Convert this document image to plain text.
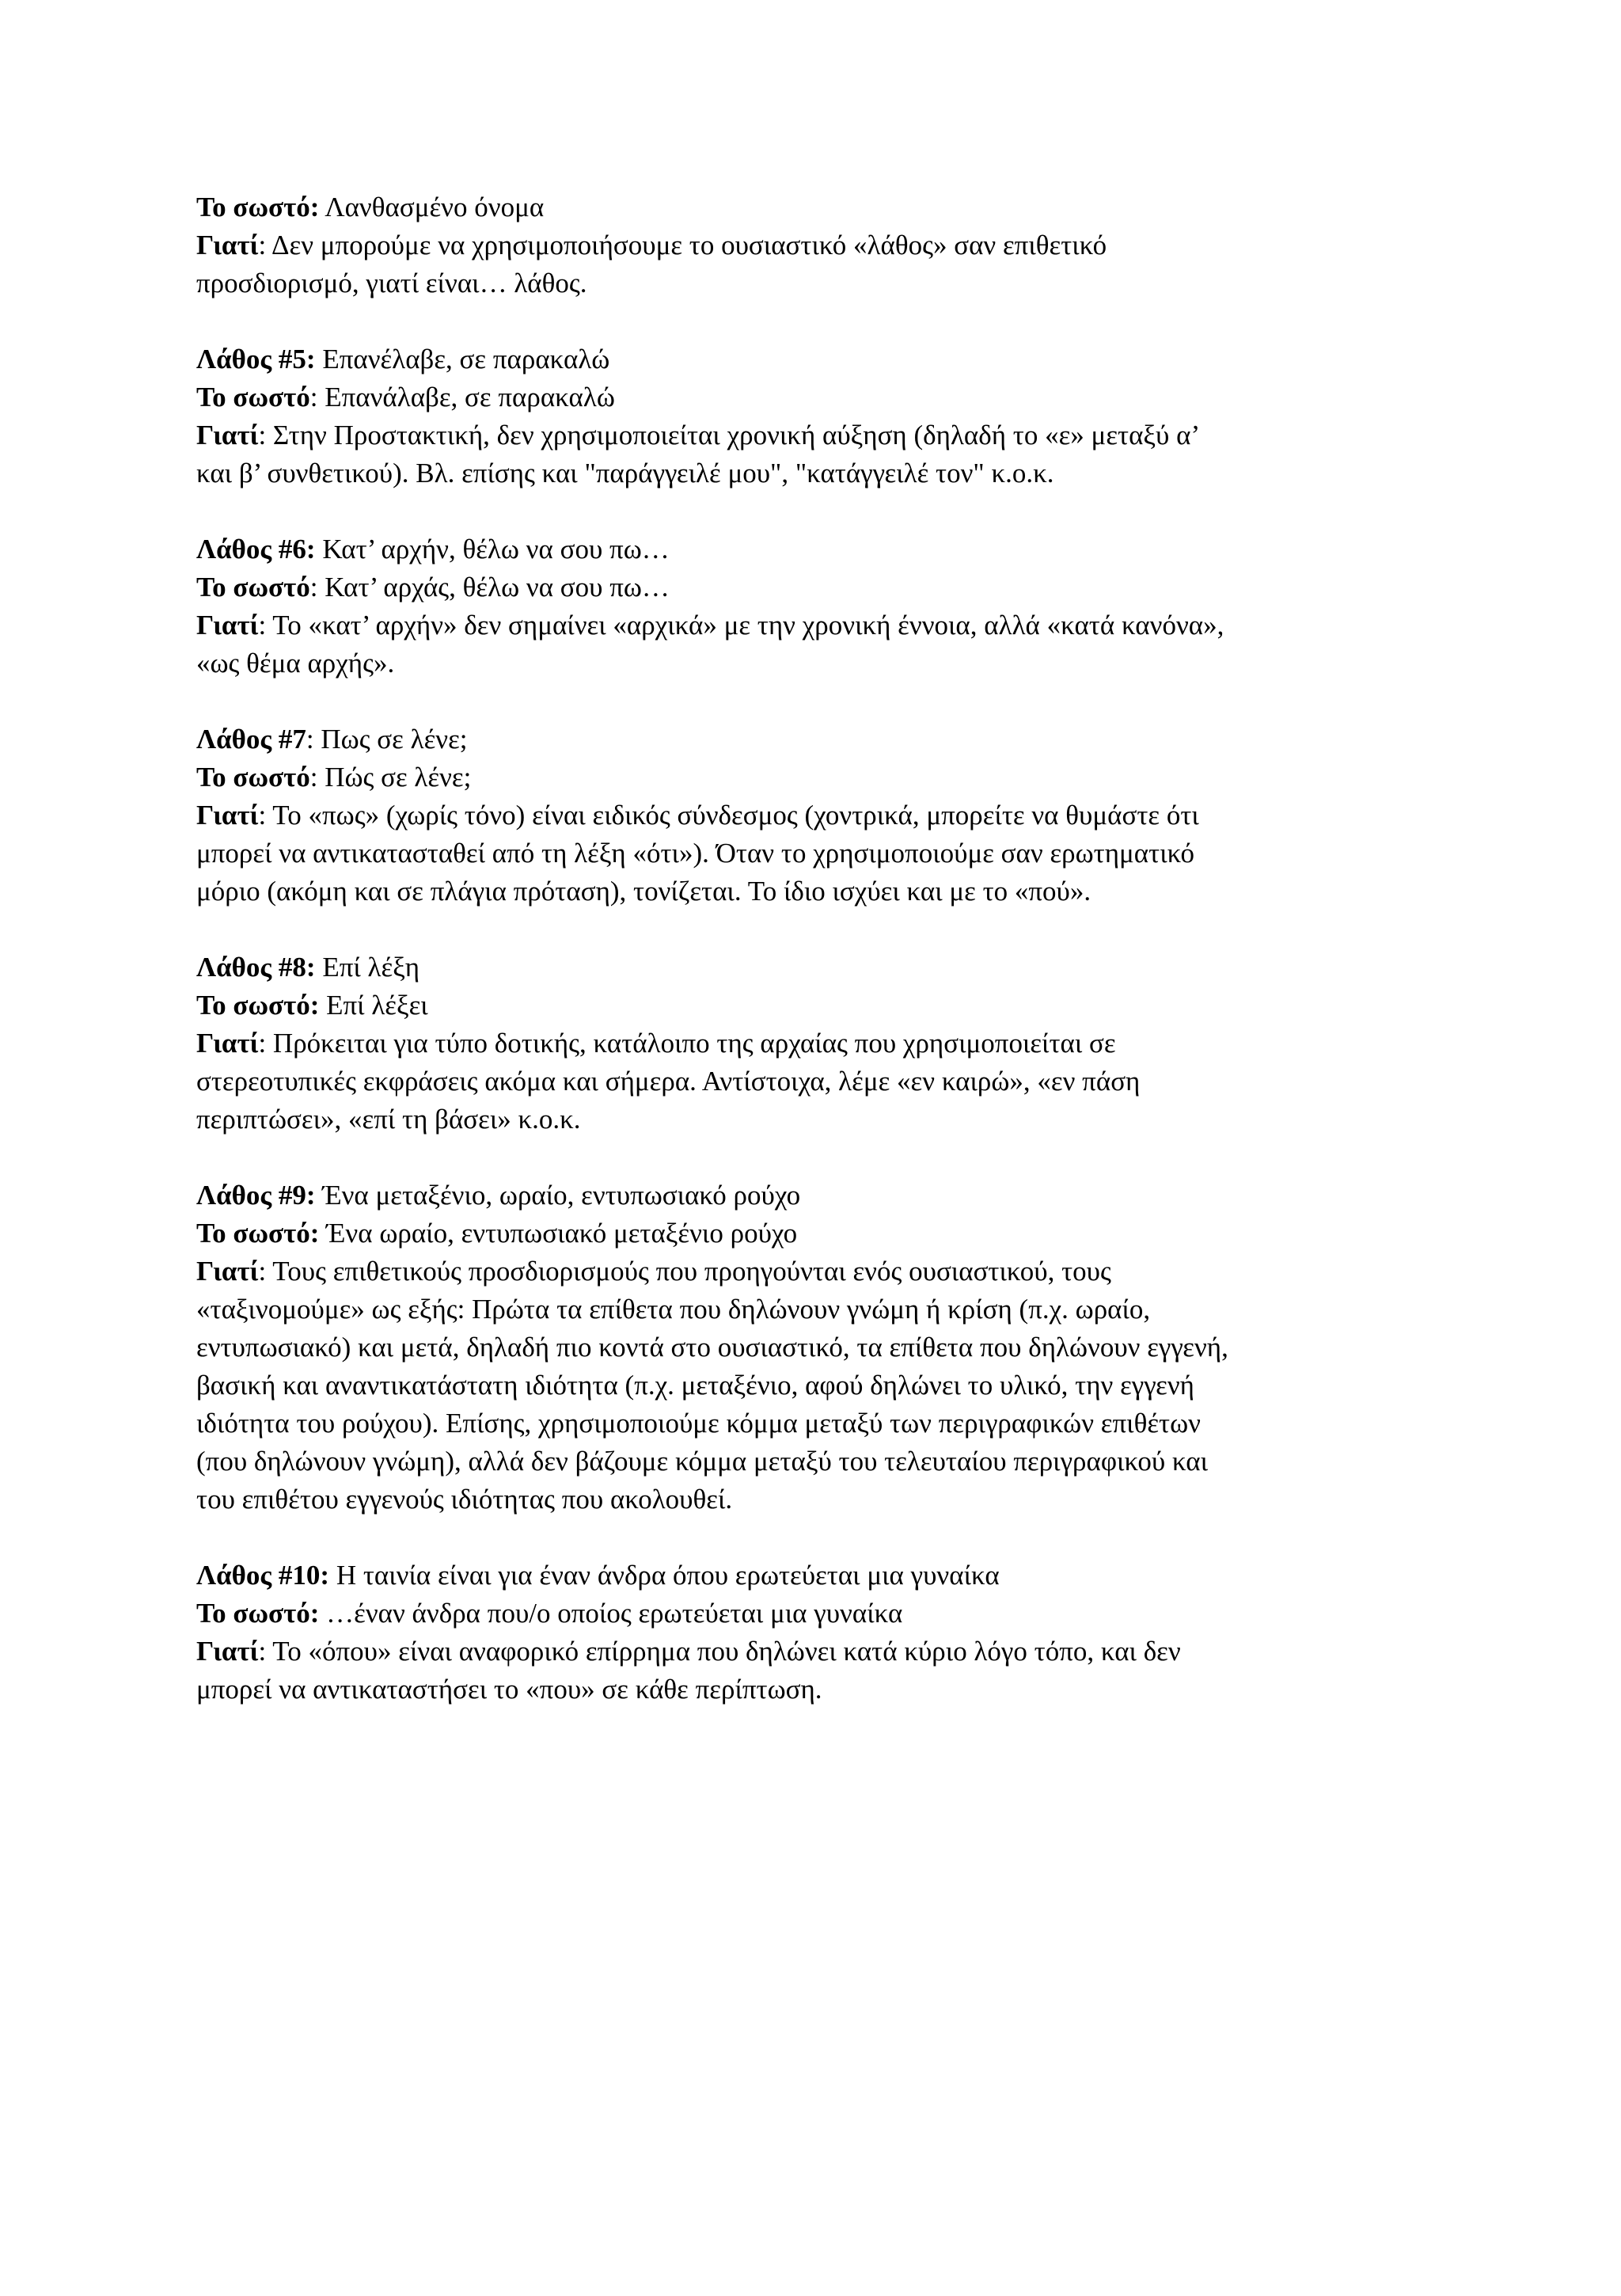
Το σωστό: Λανθασμένο όνομα
Γιατί: Δεν μπορούμε να χρησιμοποιήσουμε το ουσιαστικό «λάθος» σαν επιθετικό
προσδιορισμό, γιατί είναι… λάθος.
Λάθος #5: Επανέλαβε, σε παρακαλώ
Το σωστό: Επανάλαβε, σε παρακαλώ
Γιατί: Στην Προστακτική, δεν χρησιμοποιείται χρονική αύξηση (δηλαδή το «ε» μεταξύ α’
και β’ συνθετικού). Βλ. επίσης και "παράγγειλέ μου", "κατάγγειλέ τον" κ.ο.κ.
Λάθος #6: Κατ’ αρχήν, θέλω να σου πω…
Το σωστό: Κατ’ αρχάς, θέλω να σου πω…
Γιατί: Το «κατ’ αρχήν» δεν σημαίνει «αρχικά» με την χρονική έννοια, αλλά «κατά κανόνα»,
«ως θέμα αρχής».
Λάθος #7: Πως σε λένε;
Το σωστό: Πώς σε λένε;
Γιατί: Το «πως» (χωρίς τόνο) είναι ειδικός σύνδεσμος (χοντρικά, μπορείτε να θυμάστε ότι
μπορεί να αντικατασταθεί από τη λέξη «ότι»). Όταν το χρησιμοποιούμε σαν ερωτηματικό
μόριο (ακόμη και σε πλάγια πρόταση), τονίζεται. Το ίδιο ισχύει και με το «πού».
Λάθος #8: Επί λέξη
Το σωστό: Επί λέξει
Γιατί: Πρόκειται για τύπο δοτικής, κατάλοιπο της αρχαίας που χρησιμοποιείται σε
στερεοτυπικές εκφράσεις ακόμα και σήμερα. Αντίστοιχα, λέμε «εν καιρώ», «εν πάση
περιπτώσει», «επί τη βάσει» κ.ο.κ.
Λάθος #9: Ένα μεταξένιο, ωραίο, εντυπωσιακό ρούχο
Το σωστό: Ένα ωραίο, εντυπωσιακό μεταξένιο ρούχο
Γιατί: Τους επιθετικούς προσδιορισμούς που προηγούνται ενός ουσιαστικού, τους
«ταξινομούμε» ως εξής: Πρώτα τα επίθετα που δηλώνουν γνώμη ή κρίση (π.χ. ωραίο,
εντυπωσιακό) και μετά, δηλαδή πιο κοντά στο ουσιαστικό, τα επίθετα που δηλώνουν εγγενή,
βασική και αναντικατάστατη ιδιότητα (π.χ. μεταξένιο, αφού δηλώνει το υλικό, την εγγενή
ιδιότητα του ρούχου). Επίσης, χρησιμοποιούμε κόμμα μεταξύ των περιγραφικών επιθέτων
(που δηλώνουν γνώμη), αλλά δεν βάζουμε κόμμα μεταξύ του τελευταίου περιγραφικού και
του επιθέτου εγγενούς ιδιότητας που ακολουθεί.
Λάθος #10: Η ταινία είναι για έναν άνδρα όπου ερωτεύεται μια γυναίκα
Το σωστό: …έναν άνδρα που/ο οποίος ερωτεύεται μια γυναίκα
Γιατί: Το «όπου» είναι αναφορικό επίρρημα που δηλώνει κατά κύριο λόγο τόπο, και δεν
μπορεί να αντικαταστήσει το «που» σε κάθε περίπτωση.
